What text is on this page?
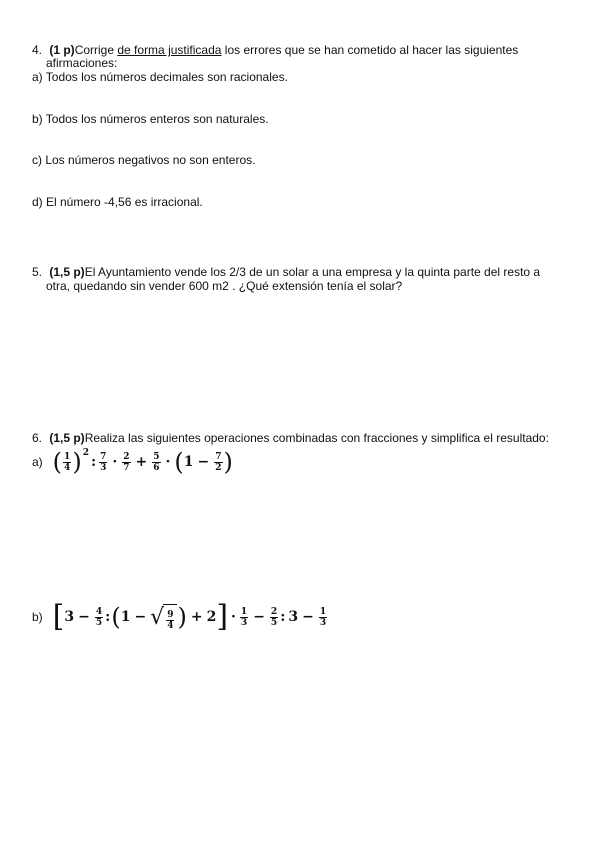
4. (1 p)Corrige de forma justificada los errores que se han cometido al hacer las siguientes
afirmaciones:
a) Todos los números decimales son racionales.
b) Todos los números enteros son naturales.
c) Los números negativos no son enteros.
d) El número -4,56 es irracional.
5. (1,5 p)El Ayuntamiento vende los 2/3 de un solar a una empresa y la quinta parte del resto a
otra, quedando sin vender 600 m2 . ¿Qué extensión tenía el solar?
6. (1,5 p)Realiza las siguientes operaciones combinadas con fracciones y simplifica el resultado:
a) ( $\frac{1}{4}$ ) 2
: $\frac{7}{3} \cdot \frac{2}{7} + \frac{5}{6}$ · ( $1 - \frac{7}{2}$ )
b) [ $3 - \frac{4}{5}$ : ( 1 − √ $\frac{9}{4}$ ) + 2 ] · $\frac{1}{3} - \frac{2}{5}$ : $3 - \frac{1}{3}$
